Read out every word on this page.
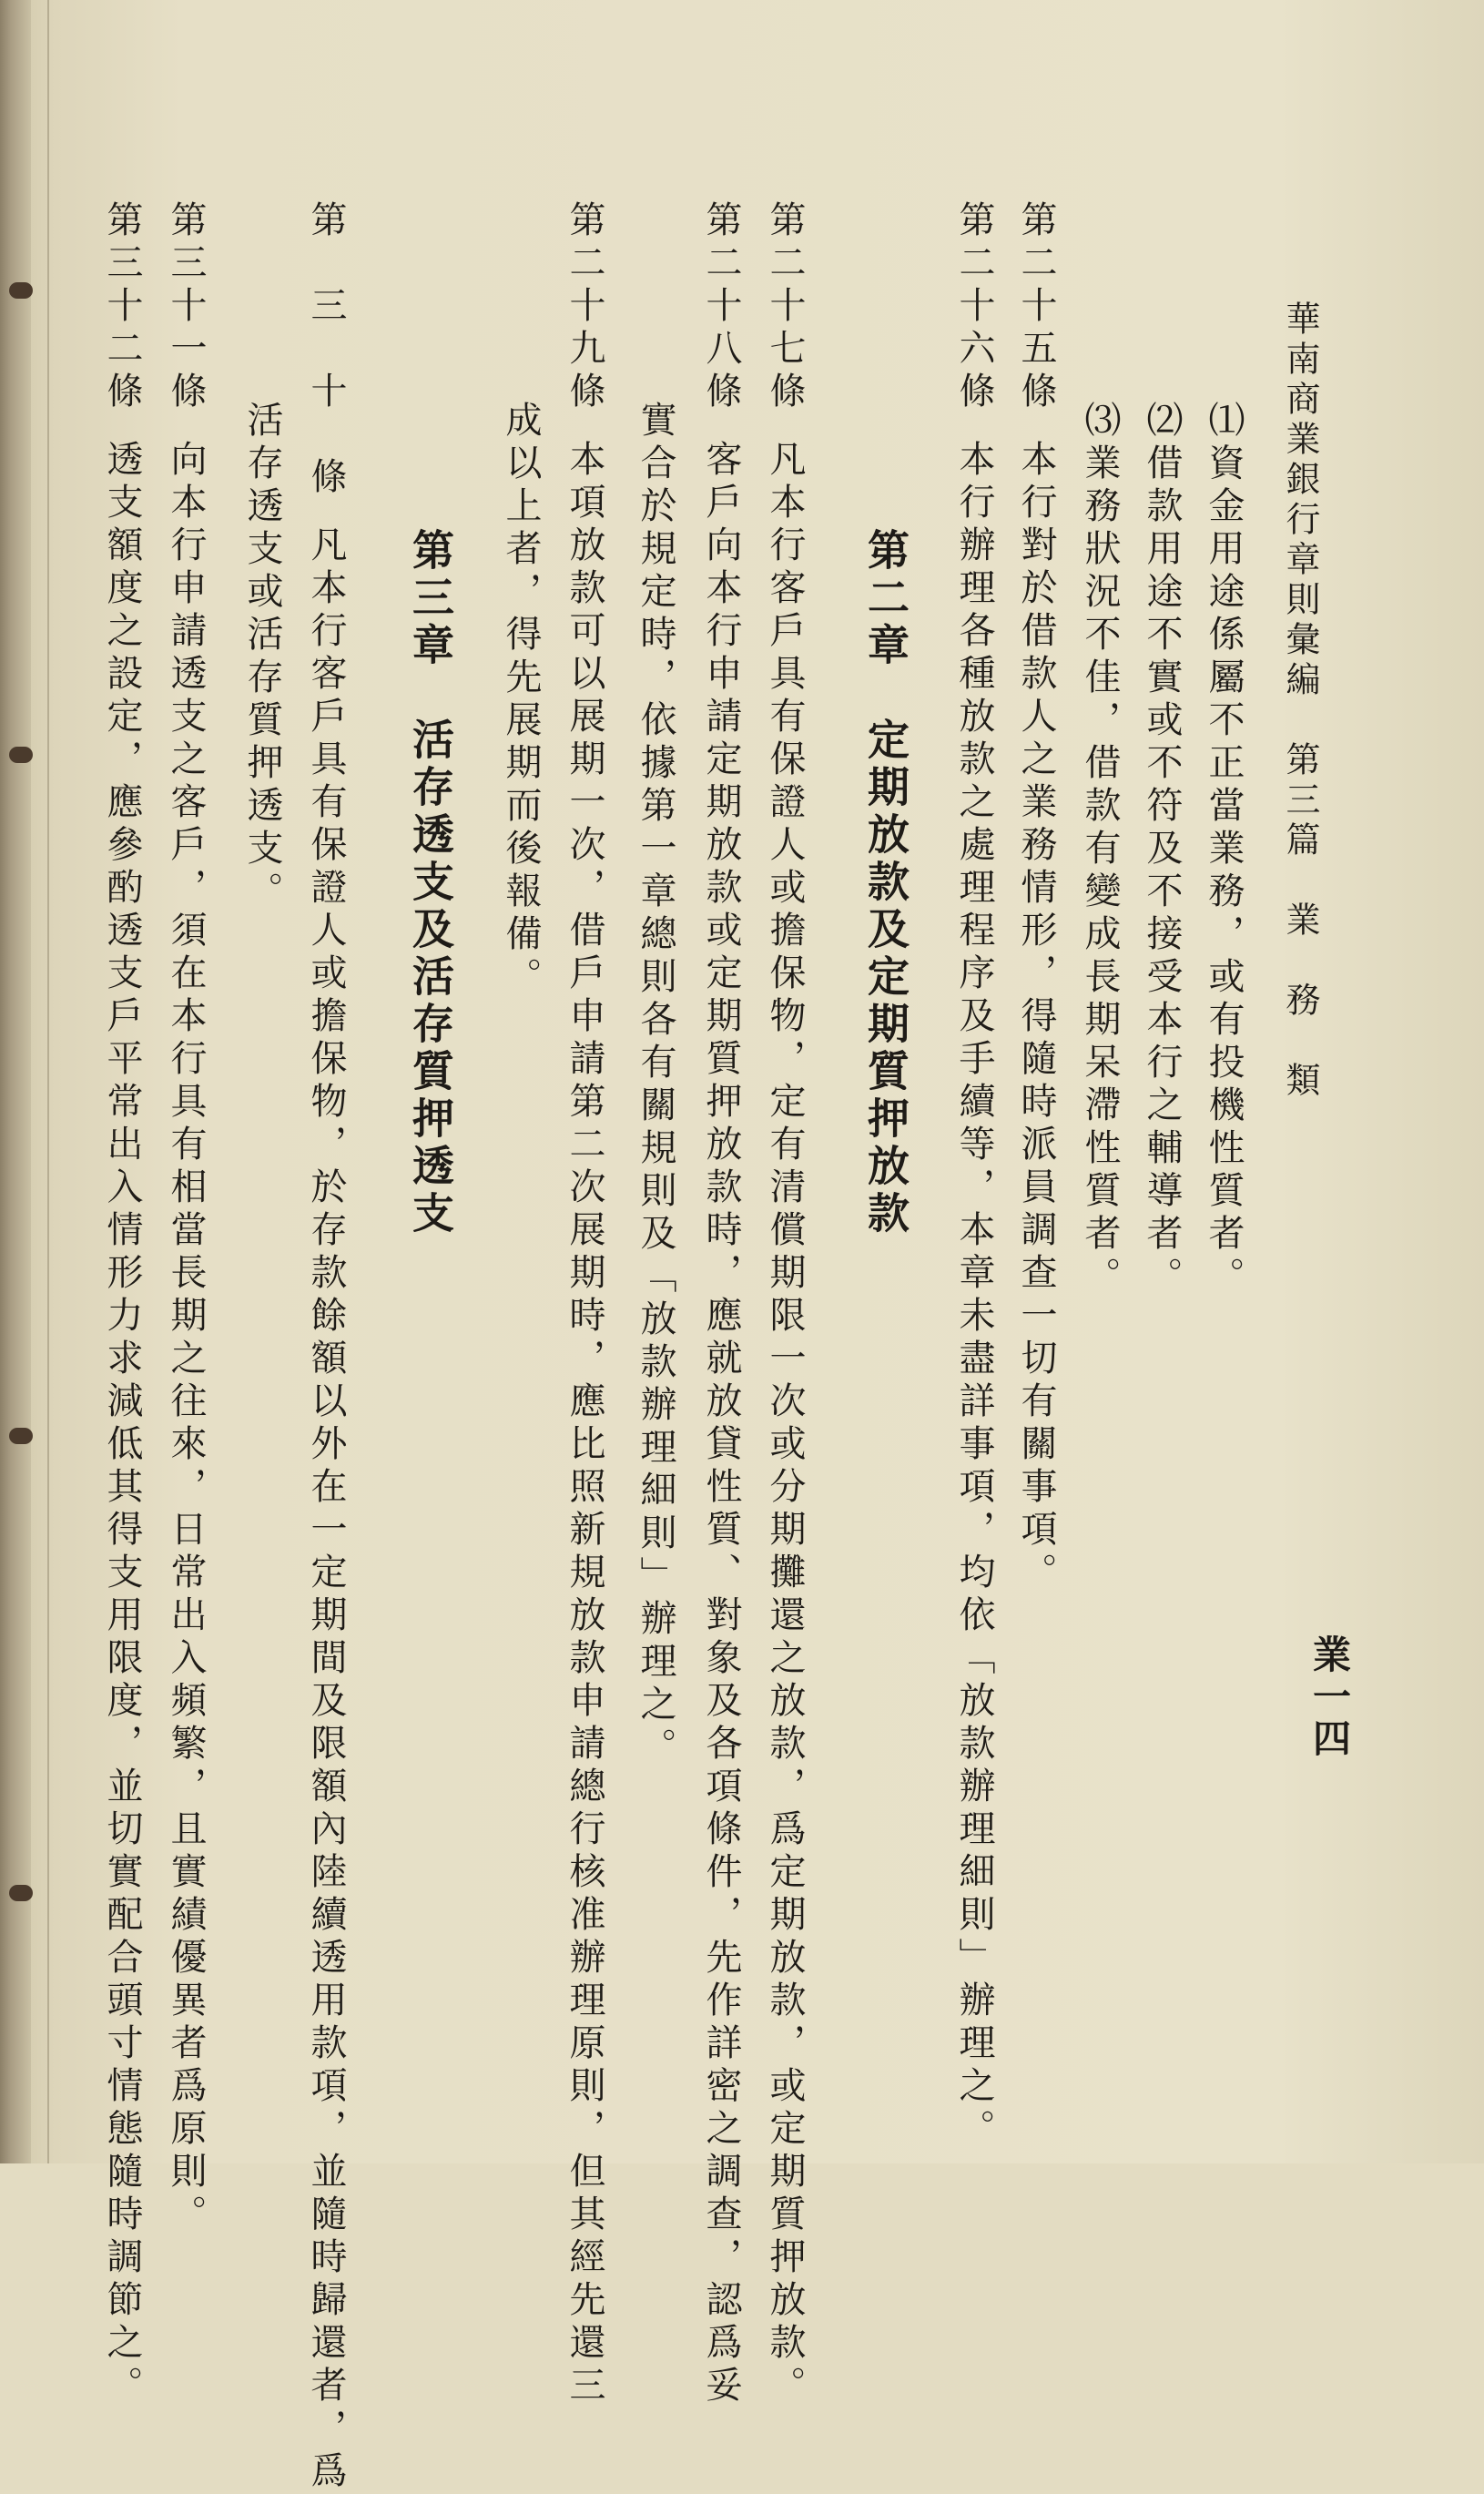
華南商業銀行章則彙編　第三篇　業　務　類
業一四
⑴資金用途係屬不正當業務，或有投機性質者。
⑵借款用途不實或不符及不接受本行之輔導者。
⑶業務狀況不佳，借款有變成長期呆滯性質者。
第二十五條本行對於借款人之業務情形，得隨時派員調查一切有關事項。
第二十六條本行辦理各種放款之處理程序及手續等，本章未盡詳事項，均依「放款辦理細則」辦理之。
第二章　定期放款及定期質押放款
第二十七條凡本行客戶具有保證人或擔保物，定有清償期限一次或分期攤還之放款，爲定期放款，或定期質押放款。
第二十八條客戶向本行申請定期放款或定期質押放款時，應就放貸性質、對象及各項條件，先作詳密之調查，認爲妥
實合於規定時，依據第一章總則各有關規則及「放款辦理細則」辦理之。
第二十九條本項放款可以展期一次，借戶申請第二次展期時，應比照新規放款申請總行核准辦理原則，但其經先還三
成以上者，得先展期而後報備。
第三章　活存透支及活存質押透支
第　三　十　條凡本行客戶具有保證人或擔保物，於存款餘額以外在一定期間及限額內陸續透用款項，並隨時歸還者，爲
活存透支或活存質押透支。
第三十一條向本行申請透支之客戶，須在本行具有相當長期之往來，日常出入頻繁，且實績優異者爲原則。
第三十二條透支額度之設定，應參酌透支戶平常出入情形力求減低其得支用限度，並切實配合頭寸情態隨時調節之。
